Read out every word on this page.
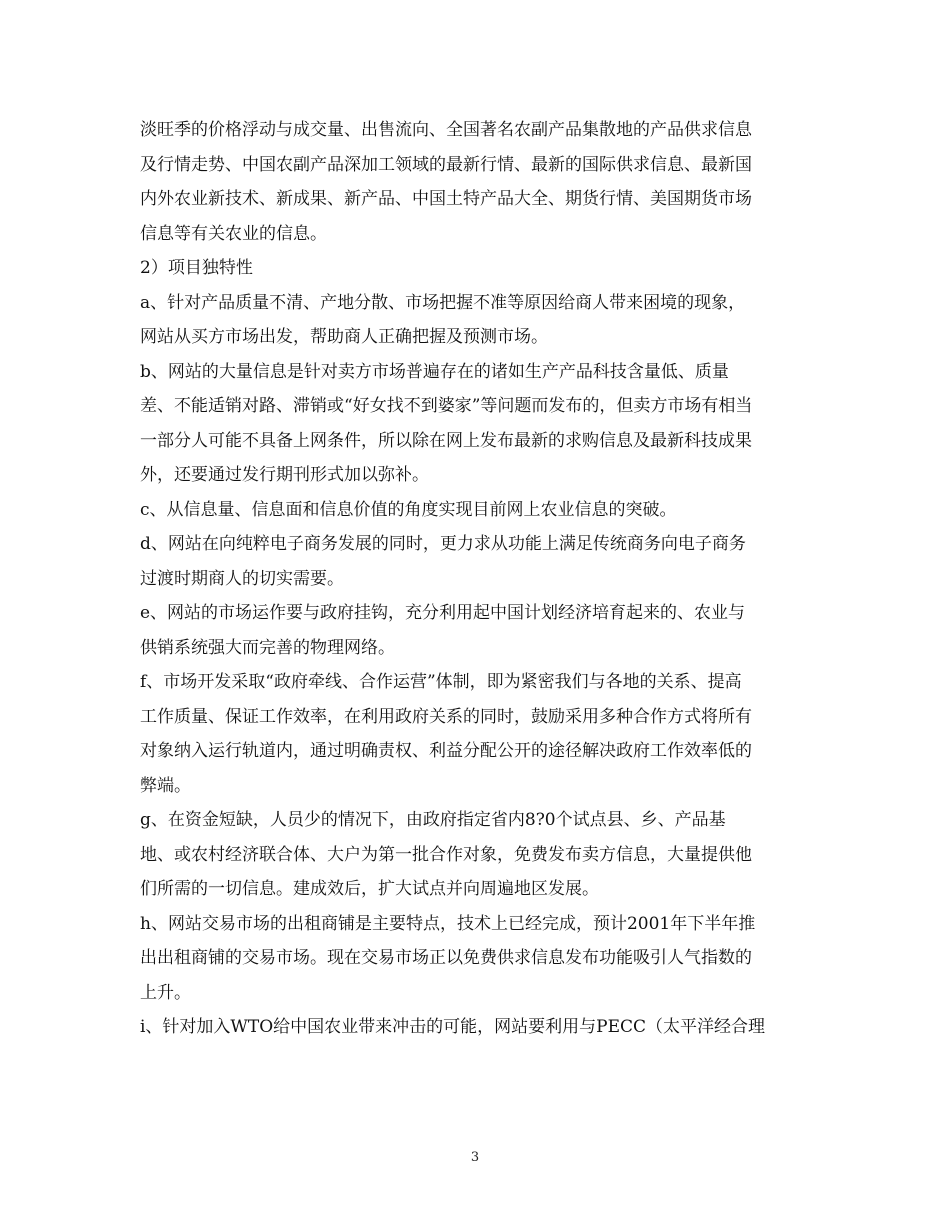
淡旺季的价格浮动与成交量、出售流向、全国著名农副产品集散地的产品供求信息
及行情走势、中国农副产品深加工领域的最新行情、最新的国际供求信息、最新国
内外农业新技术、新成果、新产品、中国土特产品大全、期货行情、美国期货市场
信息等有关农业的信息。

2）项目独特性

a、针对产品质量不清、产地分散、市场把握不准等原因给商人带来困境的现象，
网站从买方市场出发，帮助商人正确把握及预测市场。

b、网站的大量信息是针对卖方市场普遍存在的诸如生产产品科技含量低、质量
差、不能适销对路、滞销或“好女找不到婆家”等问题而发布的，但卖方市场有相当
一部分人可能不具备上网条件，所以除在网上发布最新的求购信息及最新科技成果
外，还要通过发行期刊形式加以弥补。

c、从信息量、信息面和信息价值的角度实现目前网上农业信息的突破。

d、网站在向纯粹电子商务发展的同时，更力求从功能上满足传统商务向电子商务
过渡时期商人的切实需要。

e、网站的市场运作要与政府挂钩，充分利用起中国计划经济培育起来的、农业与
供销系统强大而完善的物理网络。

f、市场开发采取“政府牵线、合作运营”体制，即为紧密我们与各地的关系、提高
工作质量、保证工作效率，在利用政府关系的同时，鼓励采用多种合作方式将所有
对象纳入运行轨道内，通过明确责权、利益分配公开的途径解决政府工作效率低的
弊端。

g、在资金短缺，人员少的情况下，由政府指定省内8?0个试点县、乡、产品基
地、或农村经济联合体、大户为第一批合作对象，免费发布卖方信息，大量提供他
们所需的一切信息。建成效后，扩大试点并向周遍地区发展。

h、网站交易市场的出租商铺是主要特点，技术上已经完成，预计2001年下半年推
出出租商铺的交易市场。现在交易市场正以免费供求信息发布功能吸引人气指数的
上升。

i、针对加入WTO给中国农业带来冲击的可能，网站要利用与PECC（太平洋经合理

3
